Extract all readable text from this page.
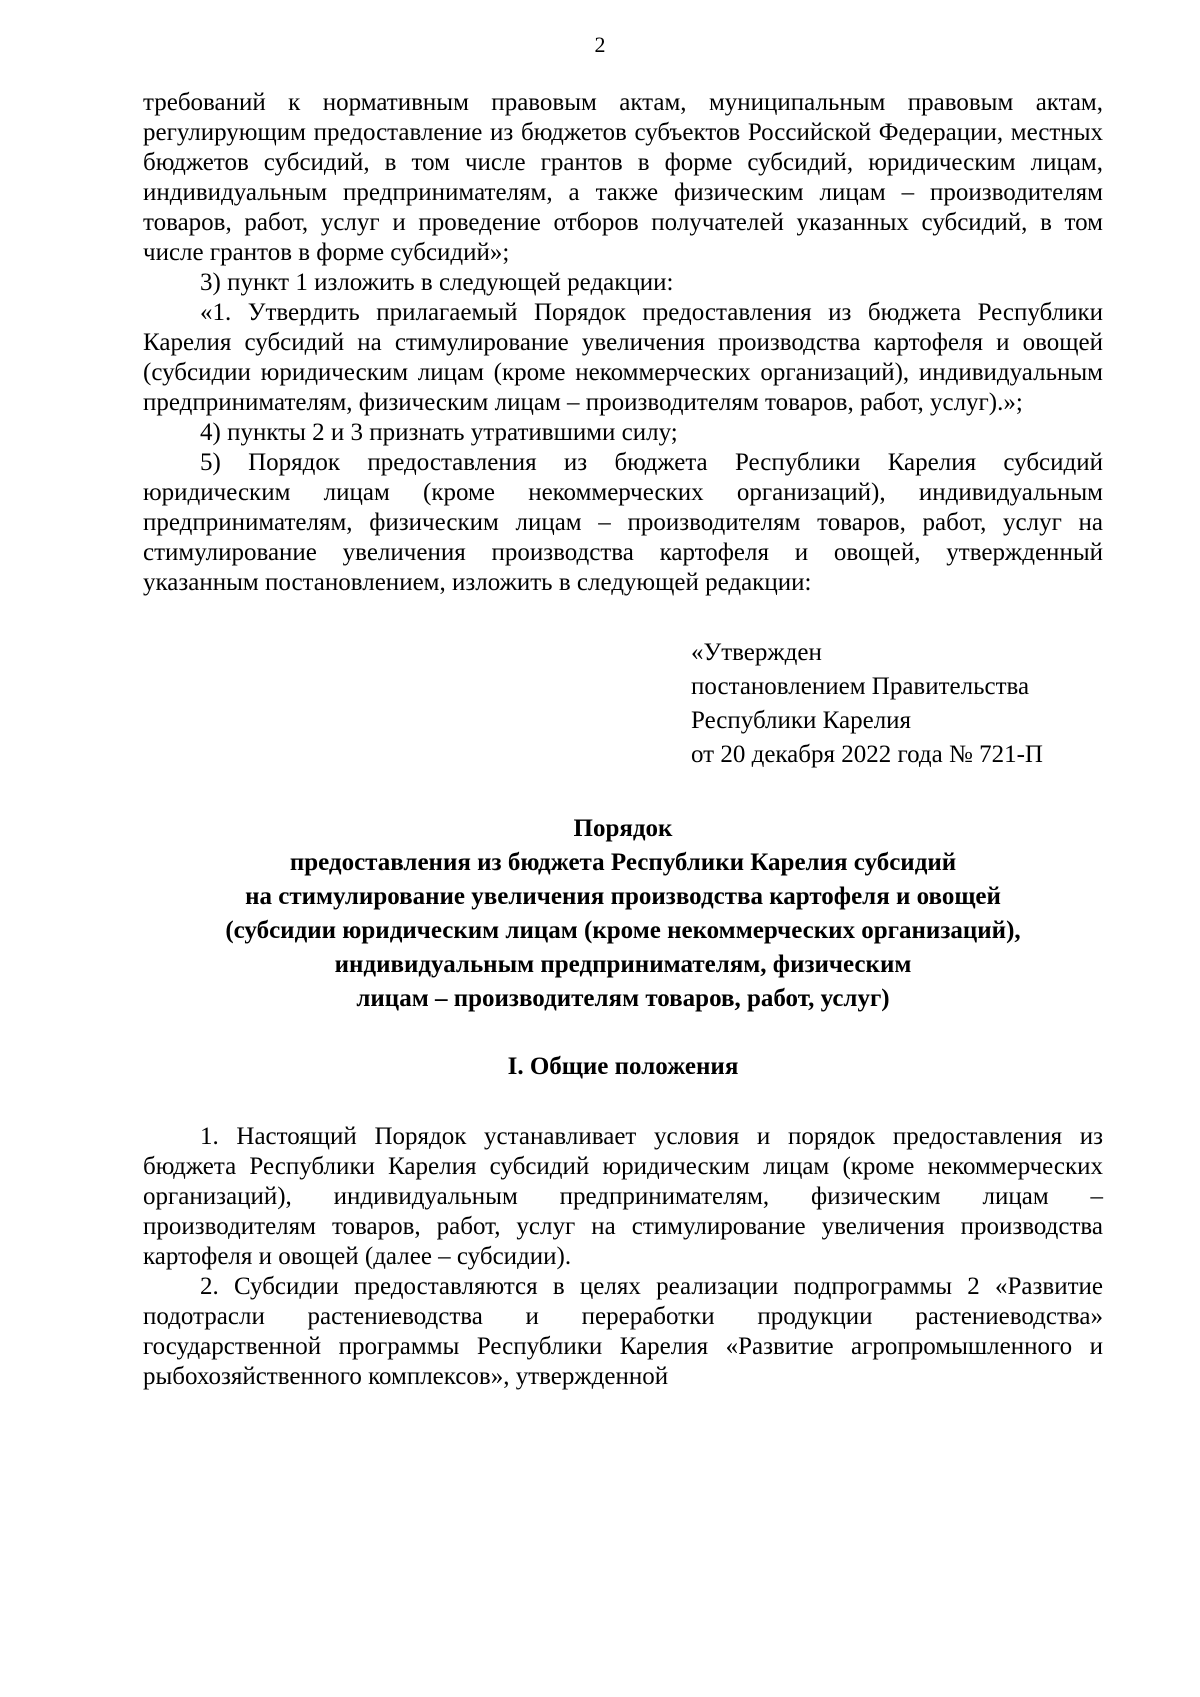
2

требований к нормативным правовым актам, муниципальным правовым актам, регулирующим предоставление из бюджетов субъектов Российской Федерации, местных бюджетов субсидий, в том числе грантов в форме субсидий, юридическим лицам, индивидуальным предпринимателям, а также физическим лицам – производителям товаров, работ, услуг и проведение отборов получателей указанных субсидий, в том числе грантов в форме субсидий»;

3) пункт 1 изложить в следующей редакции:

«1. Утвердить прилагаемый Порядок предоставления из бюджета Республики Карелия субсидий на стимулирование увеличения производства картофеля и овощей (субсидии юридическим лицам (кроме некоммерческих организаций), индивидуальным предпринимателям, физическим лицам – производителям товаров, работ, услуг).»;

4) пункты 2 и 3 признать утратившими силу;

5) Порядок предоставления из бюджета Республики Карелия субсидий юридическим лицам (кроме некоммерческих организаций), индивидуальным предпринимателям, физическим лицам – производителям товаров, работ, услуг на стимулирование увеличения производства картофеля и овощей, утвержденный указанным постановлением, изложить в следующей редакции:

«Утвержден
постановлением Правительства
Республики Карелия
от 20 декабря 2022 года № 721-П
Порядок
предоставления из бюджета Республики Карелия субсидий
на стимулирование увеличения производства картофеля и овощей
(субсидии юридическим лицам (кроме некоммерческих организаций),
индивидуальным предпринимателям, физическим
лицам – производителям товаров, работ, услуг)
I. Общие положения

1. Настоящий Порядок устанавливает условия и порядок предоставления из бюджета Республики Карелия субсидий юридическим лицам (кроме некоммерческих организаций), индивидуальным предпринимателям, физическим лицам – производителям товаров, работ, услуг на стимулирование увеличения производства картофеля и овощей (далее – субсидии).

2. Субсидии предоставляются в целях реализации подпрограммы 2 «Развитие подотрасли растениеводства и переработки продукции растениеводства» государственной программы Республики Карелия «Развитие агропромышленного и рыбохозяйственного комплексов», утвержденной
